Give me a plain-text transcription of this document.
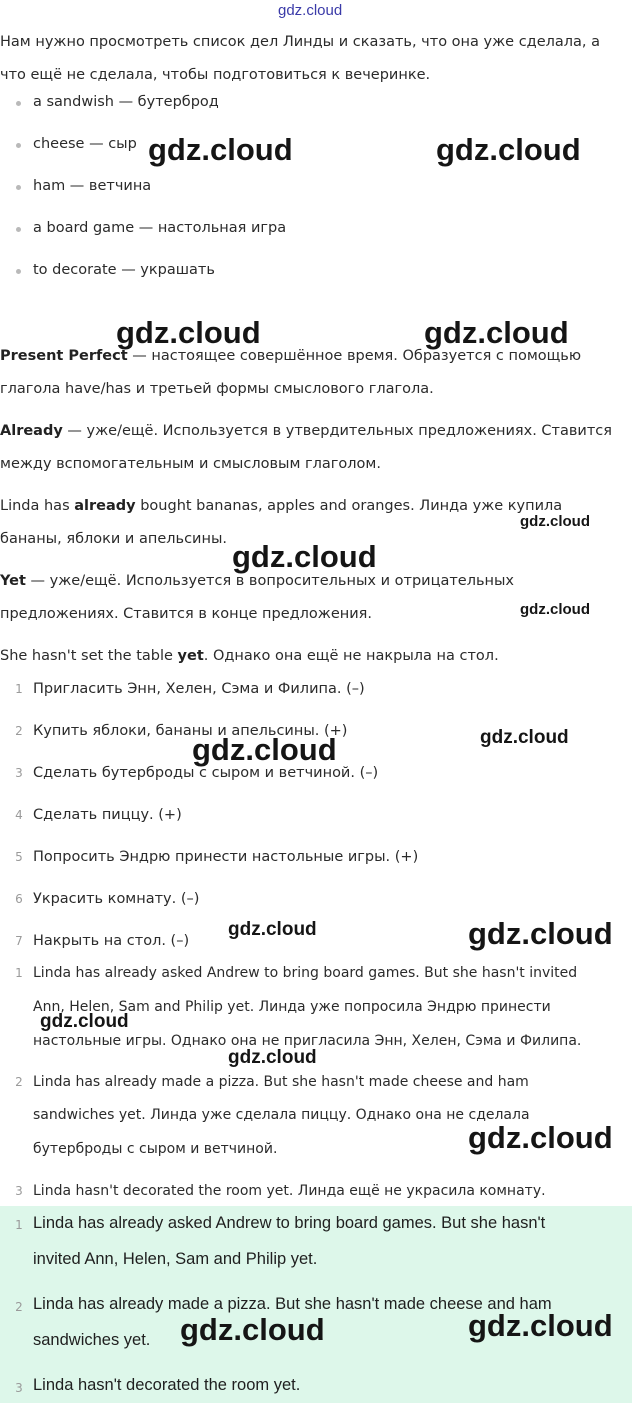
gdz.cloud
Нам нужно просмотреть список дел Линды и сказать, что она уже сделала, а
что ещё не сделала, чтобы подготовиться к вечеринке.
a sandwish — бутерброд
cheese — сыр
ham — ветчина
a board game — настольная игра
to decorate — украшать
Present Perfect — настоящее совершённое время. Образуется с помощью
глагола have/has и третьей формы смыслового глагола.
Already — уже/ещё. Используется в утвердительных предложениях. Ставится
между вспомогательным и смысловым глаголом.
Linda has already bought bananas, apples and oranges. Линда уже купила
бананы, яблоки и апельсины.
Yet — уже/ещё. Используется в вопросительных и отрицательных
предложениях. Ставится в конце предложения.
She hasn't set the table yet. Однако она ещё не накрыла на стол.
1 Пригласить Энн, Хелен, Сэма и Филипа. (–)
2 Купить яблоки, бананы и апельсины. (+)
3 Сделать бутерброды с сыром и ветчиной. (–)
4 Сделать пиццу. (+)
5 Попросить Эндрю принести настольные игры. (+)
6 Украсить комнату. (–)
7 Накрыть на стол. (–)
1 Linda has already asked Andrew to bring board games. But she hasn't invited
Ann, Helen, Sam and Philip yet. Линда уже попросила Эндрю принести
настольные игры. Однако она не пригласила Энн, Хелен, Сэма и Филипа.
2 Linda has already made a pizza. But she hasn't made cheese and ham
sandwiches yet. Линда уже сделала пиццу. Однако она не сделала
бутерброды с сыром и ветчиной.
3 Linda hasn't decorated the room yet. Линда ещё не украсила комнату.
1 Linda has already asked Andrew to bring board games. But she hasn't
invited Ann, Helen, Sam and Philip yet.
2 Linda has already made a pizza. But she hasn't made cheese and ham
sandwiches yet.
3 Linda hasn't decorated the room yet.
gdz.cloud	gdz.cloud
gdz.cloud	gdz.cloud
gdz.cloud
gdz.cloud
gdz.cloud
gdz.cloud
gdz.cloud
gdz.cloud	gdz.cloud
gdz.cloud
gdz.cloud
gdz.cloud
gdz.cloud	gdz.cloud
